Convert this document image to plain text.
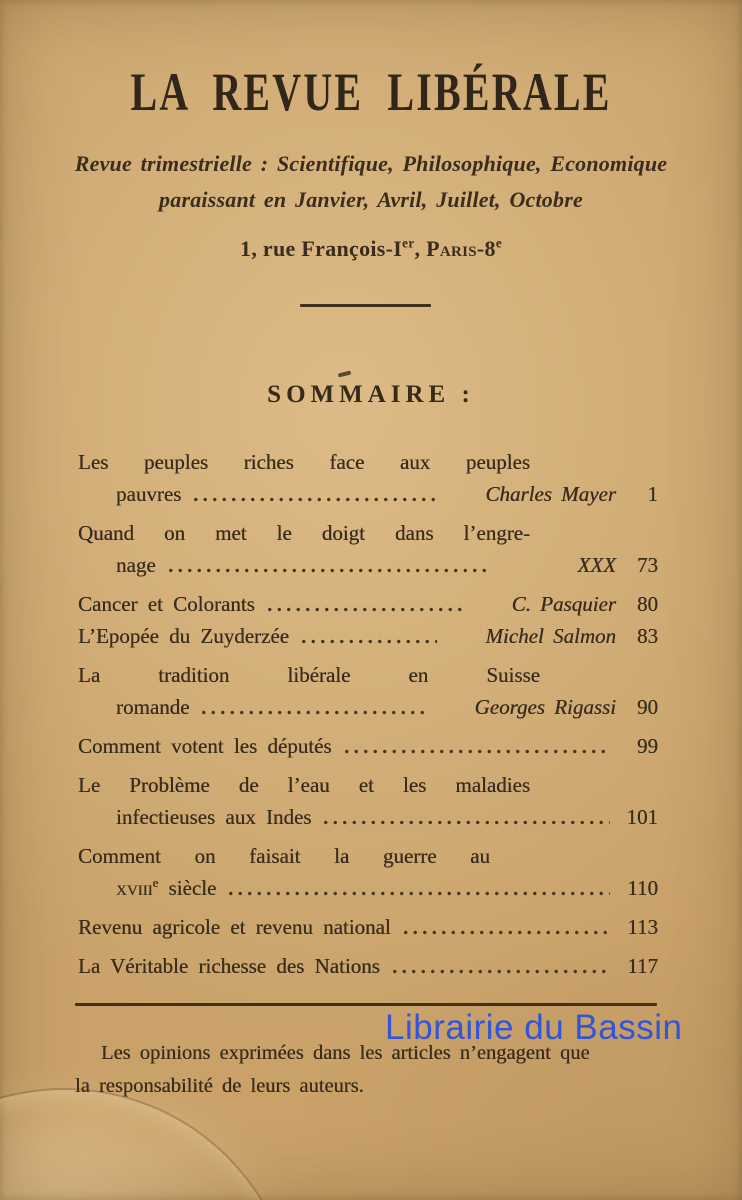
LA REVUE LIBÉRALE
Revue trimestrielle : Scientifique, Philosophique, Economique
paraissant en Janvier, Avril, Juillet, Octobre
1, rue François-Ier, Paris-8e
SOMMAIRE :
Les peuples riches face aux peuples
pauvres	Charles Mayer	1
Quand on met le doigt dans l’engre-
nage	XXX	73
Cancer et Colorants	C. Pasquier	80
L’Epopée du Zuyderzée	Michel Salmon	83
La tradition libérale en Suisse
romande	Georges Rigassi	90
Comment votent les députés	99
Le Problème de l’eau et les maladies
infectieuses aux Indes	101
Comment on faisait la guerre au
xviii$^e$ siècle	110
Revenu agricole et revenu national	113
La Véritable richesse des Nations	117
Librairie du Bassin
Les opinions exprimées dans les articles n’engagent que
la responsabilité de leurs auteurs.
